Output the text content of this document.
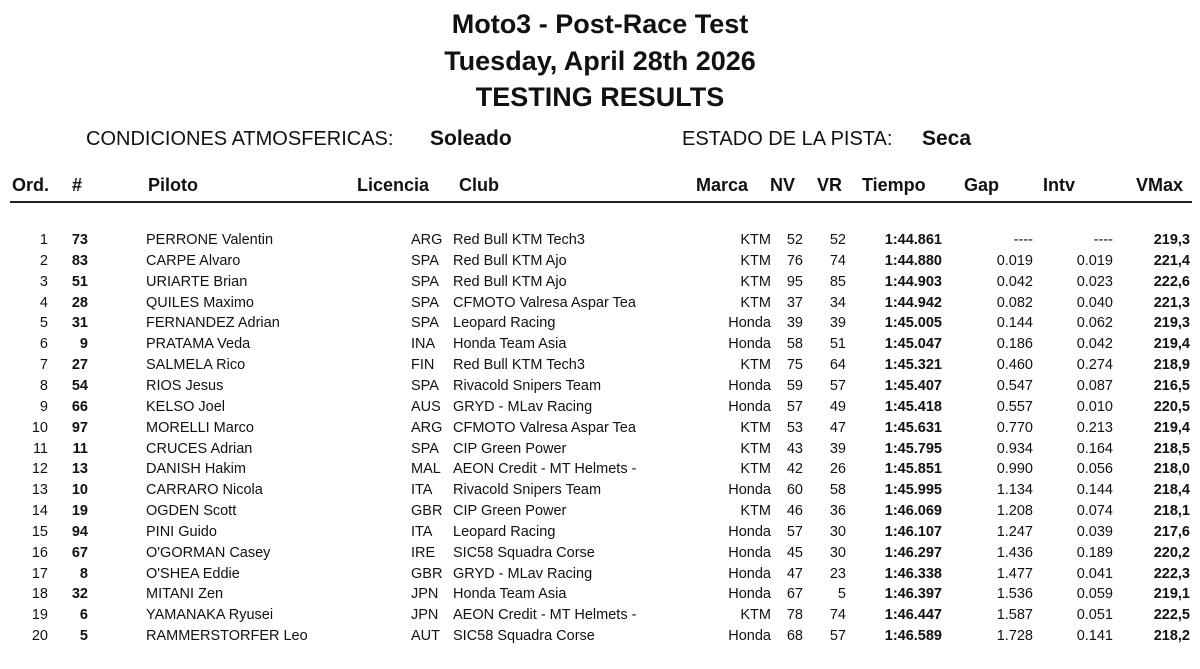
Moto3 - Post-Race Test
Tuesday, April 28th 2026
TESTING RESULTS
CONDICIONES ATMOSFERICAS: Soleado	ESTADO DE LA PISTA: Seca
Ord. #	Piloto	Licencia Club	Marca NV VR Tiempo Gap Intv	VMax
1 73	PERRONE Valentin	ARG Red Bull KTM Tech3	KTM 52 52	1:44.861	----	----	219,3
2 83	CARPE Alvaro	SPA Red Bull KTM Ajo	KTM 76 74	1:44.880	0.019	0.019	221,4
3 51	URIARTE Brian	SPA Red Bull KTM Ajo	KTM 95 85	1:44.903	0.042	0.023	222,6
4 28	QUILES Maximo	SPA CFMOTO Valresa Aspar Tea	KTM 37 34	1:44.942	0.082	0.040	221,3
5 31	FERNANDEZ Adrian	SPA Leopard Racing	Honda 39 39	1:45.005	0.144	0.062	219,3
6 9	PRATAMA Veda	INA Honda Team Asia	Honda 58 51	1:45.047	0.186	0.042	219,4
7 27	SALMELA Rico	FIN Red Bull KTM Tech3	KTM 75 64	1:45.321	0.460	0.274	218,9
8 54	RIOS Jesus	SPA Rivacold Snipers Team	Honda 59 57	1:45.407	0.547	0.087	216,5
9 66	KELSO Joel	AUS GRYD - MLav Racing	Honda 57 49	1:45.418	0.557	0.010	220,5
10 97	MORELLI Marco	ARG CFMOTO Valresa Aspar Tea	KTM 53 47	1:45.631	0.770	0.213	219,4
11 11	CRUCES Adrian	SPA CIP Green Power	KTM 43 39	1:45.795	0.934	0.164	218,5
12 13	DANISH Hakim	MAL AEON Credit - MT Helmets -	KTM 42 26	1:45.851	0.990	0.056	218,0
13 10	CARRARO Nicola	ITA Rivacold Snipers Team	Honda 60 58	1:45.995	1.134	0.144	218,4
14 19	OGDEN Scott	GBR CIP Green Power	KTM 46 36	1:46.069	1.208	0.074	218,1
15 94	PINI Guido	ITA Leopard Racing	Honda 57 30	1:46.107	1.247	0.039	217,6
16 67	O'GORMAN Casey	IRE SIC58 Squadra Corse	Honda 45 30	1:46.297	1.436	0.189	220,2
17 8	O'SHEA Eddie	GBR GRYD - MLav Racing	Honda 47 23	1:46.338	1.477	0.041	222,3
18 32	MITANI Zen	JPN Honda Team Asia	Honda 67 5	1:46.397	1.536	0.059	219,1
19 6	YAMANAKA Ryusei	JPN AEON Credit - MT Helmets -	KTM 78 74	1:46.447	1.587	0.051	222,5
20 5	RAMMERSTORFER Leo	AUT SIC58 Squadra Corse	Honda 68 57	1:46.589	1.728	0.141	218,2
